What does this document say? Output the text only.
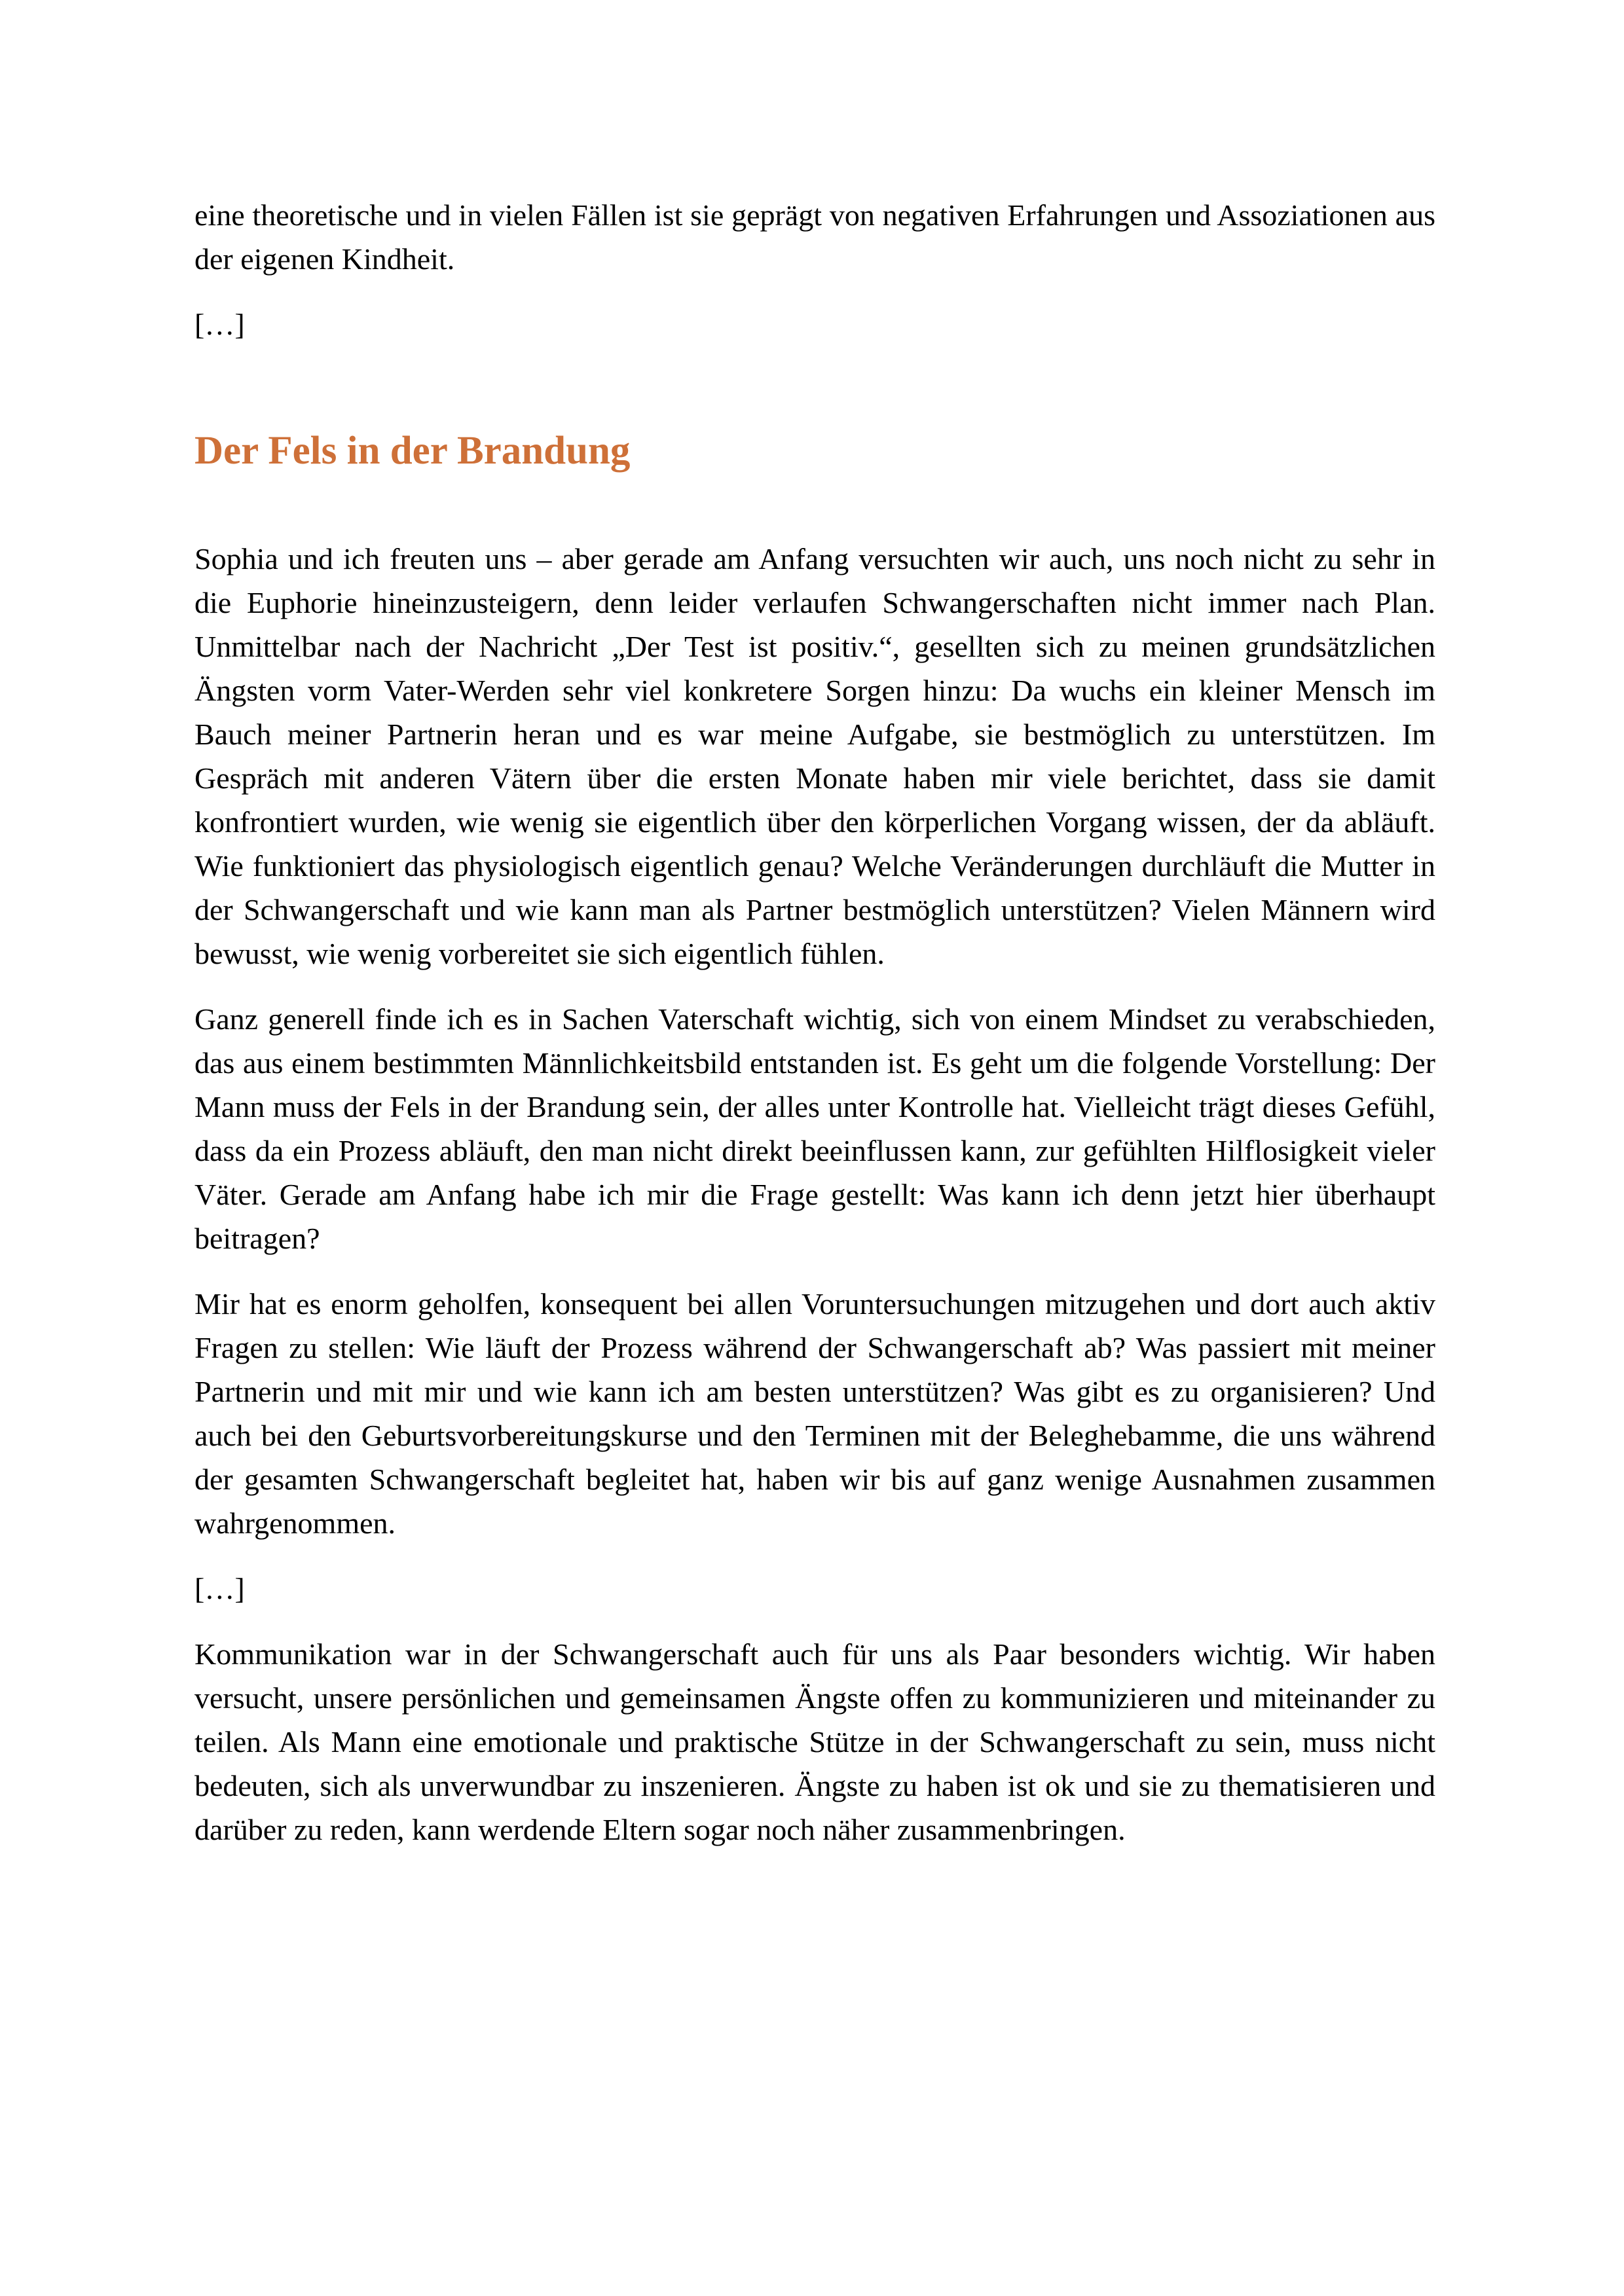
eine theoretische und in vielen Fällen ist sie geprägt von negativen Erfahrungen und Assoziationen aus der eigenen Kindheit.

[…]

Der Fels in der Brandung

Sophia und ich freuten uns – aber gerade am Anfang versuchten wir auch, uns noch nicht zu sehr in die Euphorie hineinzusteigern, denn leider verlaufen Schwangerschaften nicht immer nach Plan. Unmittelbar nach der Nachricht „Der Test ist positiv.“, gesellten sich zu meinen grundsätzlichen Ängsten vorm Vater-Werden sehr viel konkretere Sorgen hinzu: Da wuchs ein kleiner Mensch im Bauch meiner Partnerin heran und es war meine Aufgabe, sie bestmöglich zu unterstützen. Im Gespräch mit anderen Vätern über die ersten Monate haben mir viele berichtet, dass sie damit konfrontiert wurden, wie wenig sie eigentlich über den körperlichen Vorgang wissen, der da abläuft. Wie funktioniert das physiologisch eigentlich genau? Welche Veränderungen durchläuft die Mutter in der Schwangerschaft und wie kann man als Partner bestmöglich unterstützen? Vielen Männern wird bewusst, wie wenig vorbereitet sie sich eigentlich fühlen.

Ganz generell finde ich es in Sachen Vaterschaft wichtig, sich von einem Mindset zu verabschieden, das aus einem bestimmten Männlichkeitsbild entstanden ist. Es geht um die folgende Vorstellung: Der Mann muss der Fels in der Brandung sein, der alles unter Kontrolle hat. Vielleicht trägt dieses Gefühl, dass da ein Prozess abläuft, den man nicht direkt beeinflussen kann, zur gefühlten Hilflosigkeit vieler Väter. Gerade am Anfang habe ich mir die Frage gestellt: Was kann ich denn jetzt hier überhaupt beitragen?

Mir hat es enorm geholfen, konsequent bei allen Voruntersuchungen mitzugehen und dort auch aktiv Fragen zu stellen: Wie läuft der Prozess während der Schwangerschaft ab? Was passiert mit meiner Partnerin und mit mir und wie kann ich am besten unterstützen? Was gibt es zu organisieren? Und auch bei den Geburtsvorbereitungskurse und den Terminen mit der Beleghebamme, die uns während der gesamten Schwangerschaft begleitet hat, haben wir bis auf ganz wenige Ausnahmen zusammen wahrgenommen.

[…]

Kommunikation war in der Schwangerschaft auch für uns als Paar besonders wichtig. Wir haben versucht, unsere persönlichen und gemeinsamen Ängste offen zu kommunizieren und miteinander zu teilen. Als Mann eine emotionale und praktische Stütze in der Schwangerschaft zu sein, muss nicht bedeuten, sich als unverwundbar zu inszenieren. Ängste zu haben ist ok und sie zu thematisieren und darüber zu reden, kann werdende Eltern sogar noch näher zusammenbringen.
